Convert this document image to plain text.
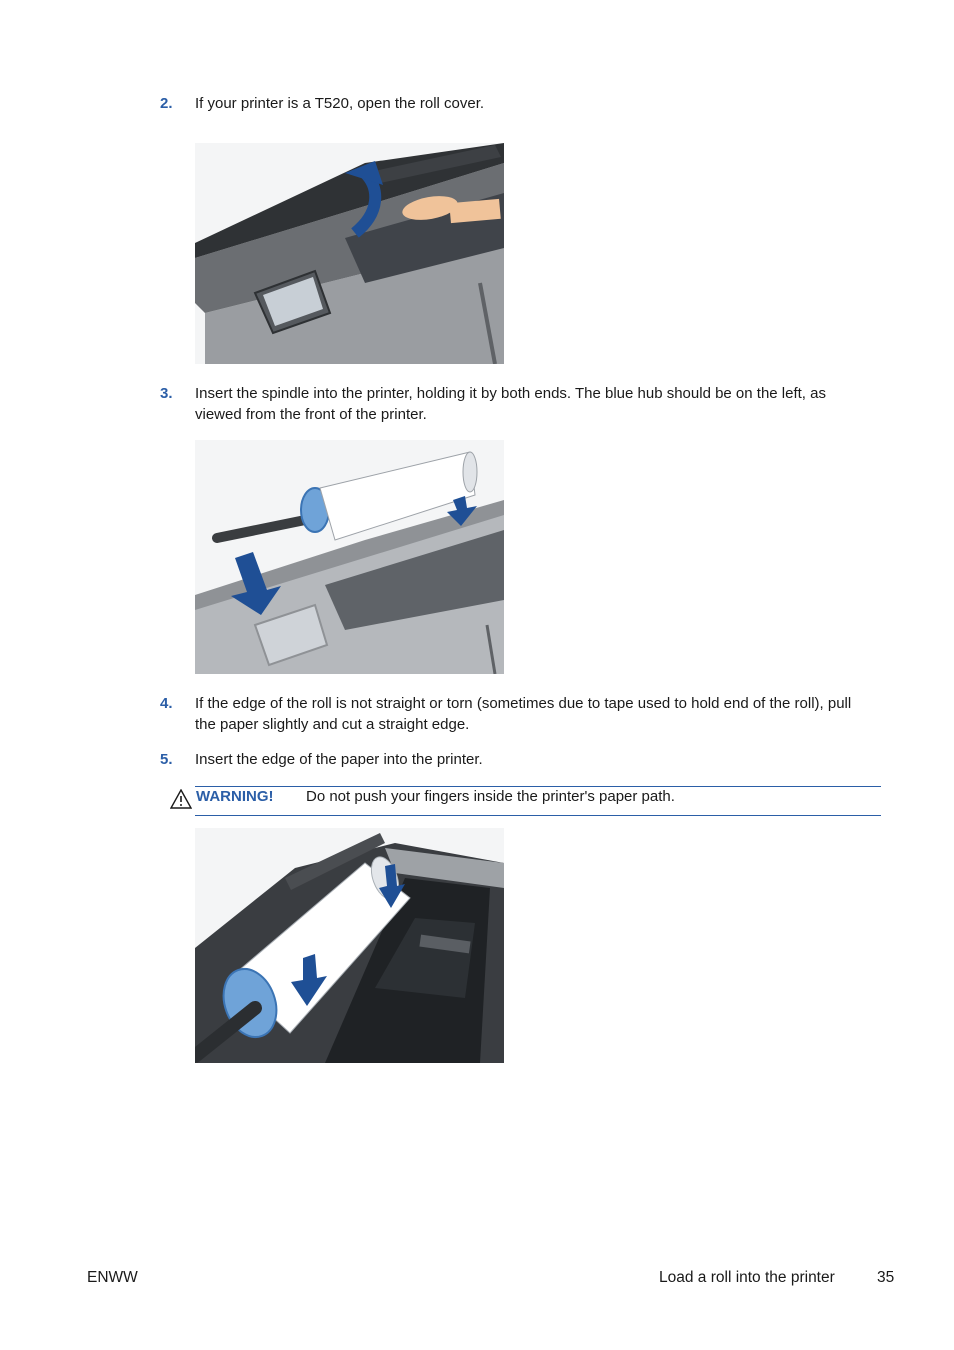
2.	If your printer is a T520, open the roll cover.
3.	Insert the spindle into the printer, holding it by both ends. The blue hub should be on the left, as viewed from the front of the printer.
4.	If the edge of the roll is not straight or torn (sometimes due to tape used to hold end of the roll), pull the paper slightly and cut a straight edge.
5.	Insert the edge of the paper into the printer.
WARNING! Do not push your fingers inside the printer's paper path.
ENWW	Load a roll into the printer	35
